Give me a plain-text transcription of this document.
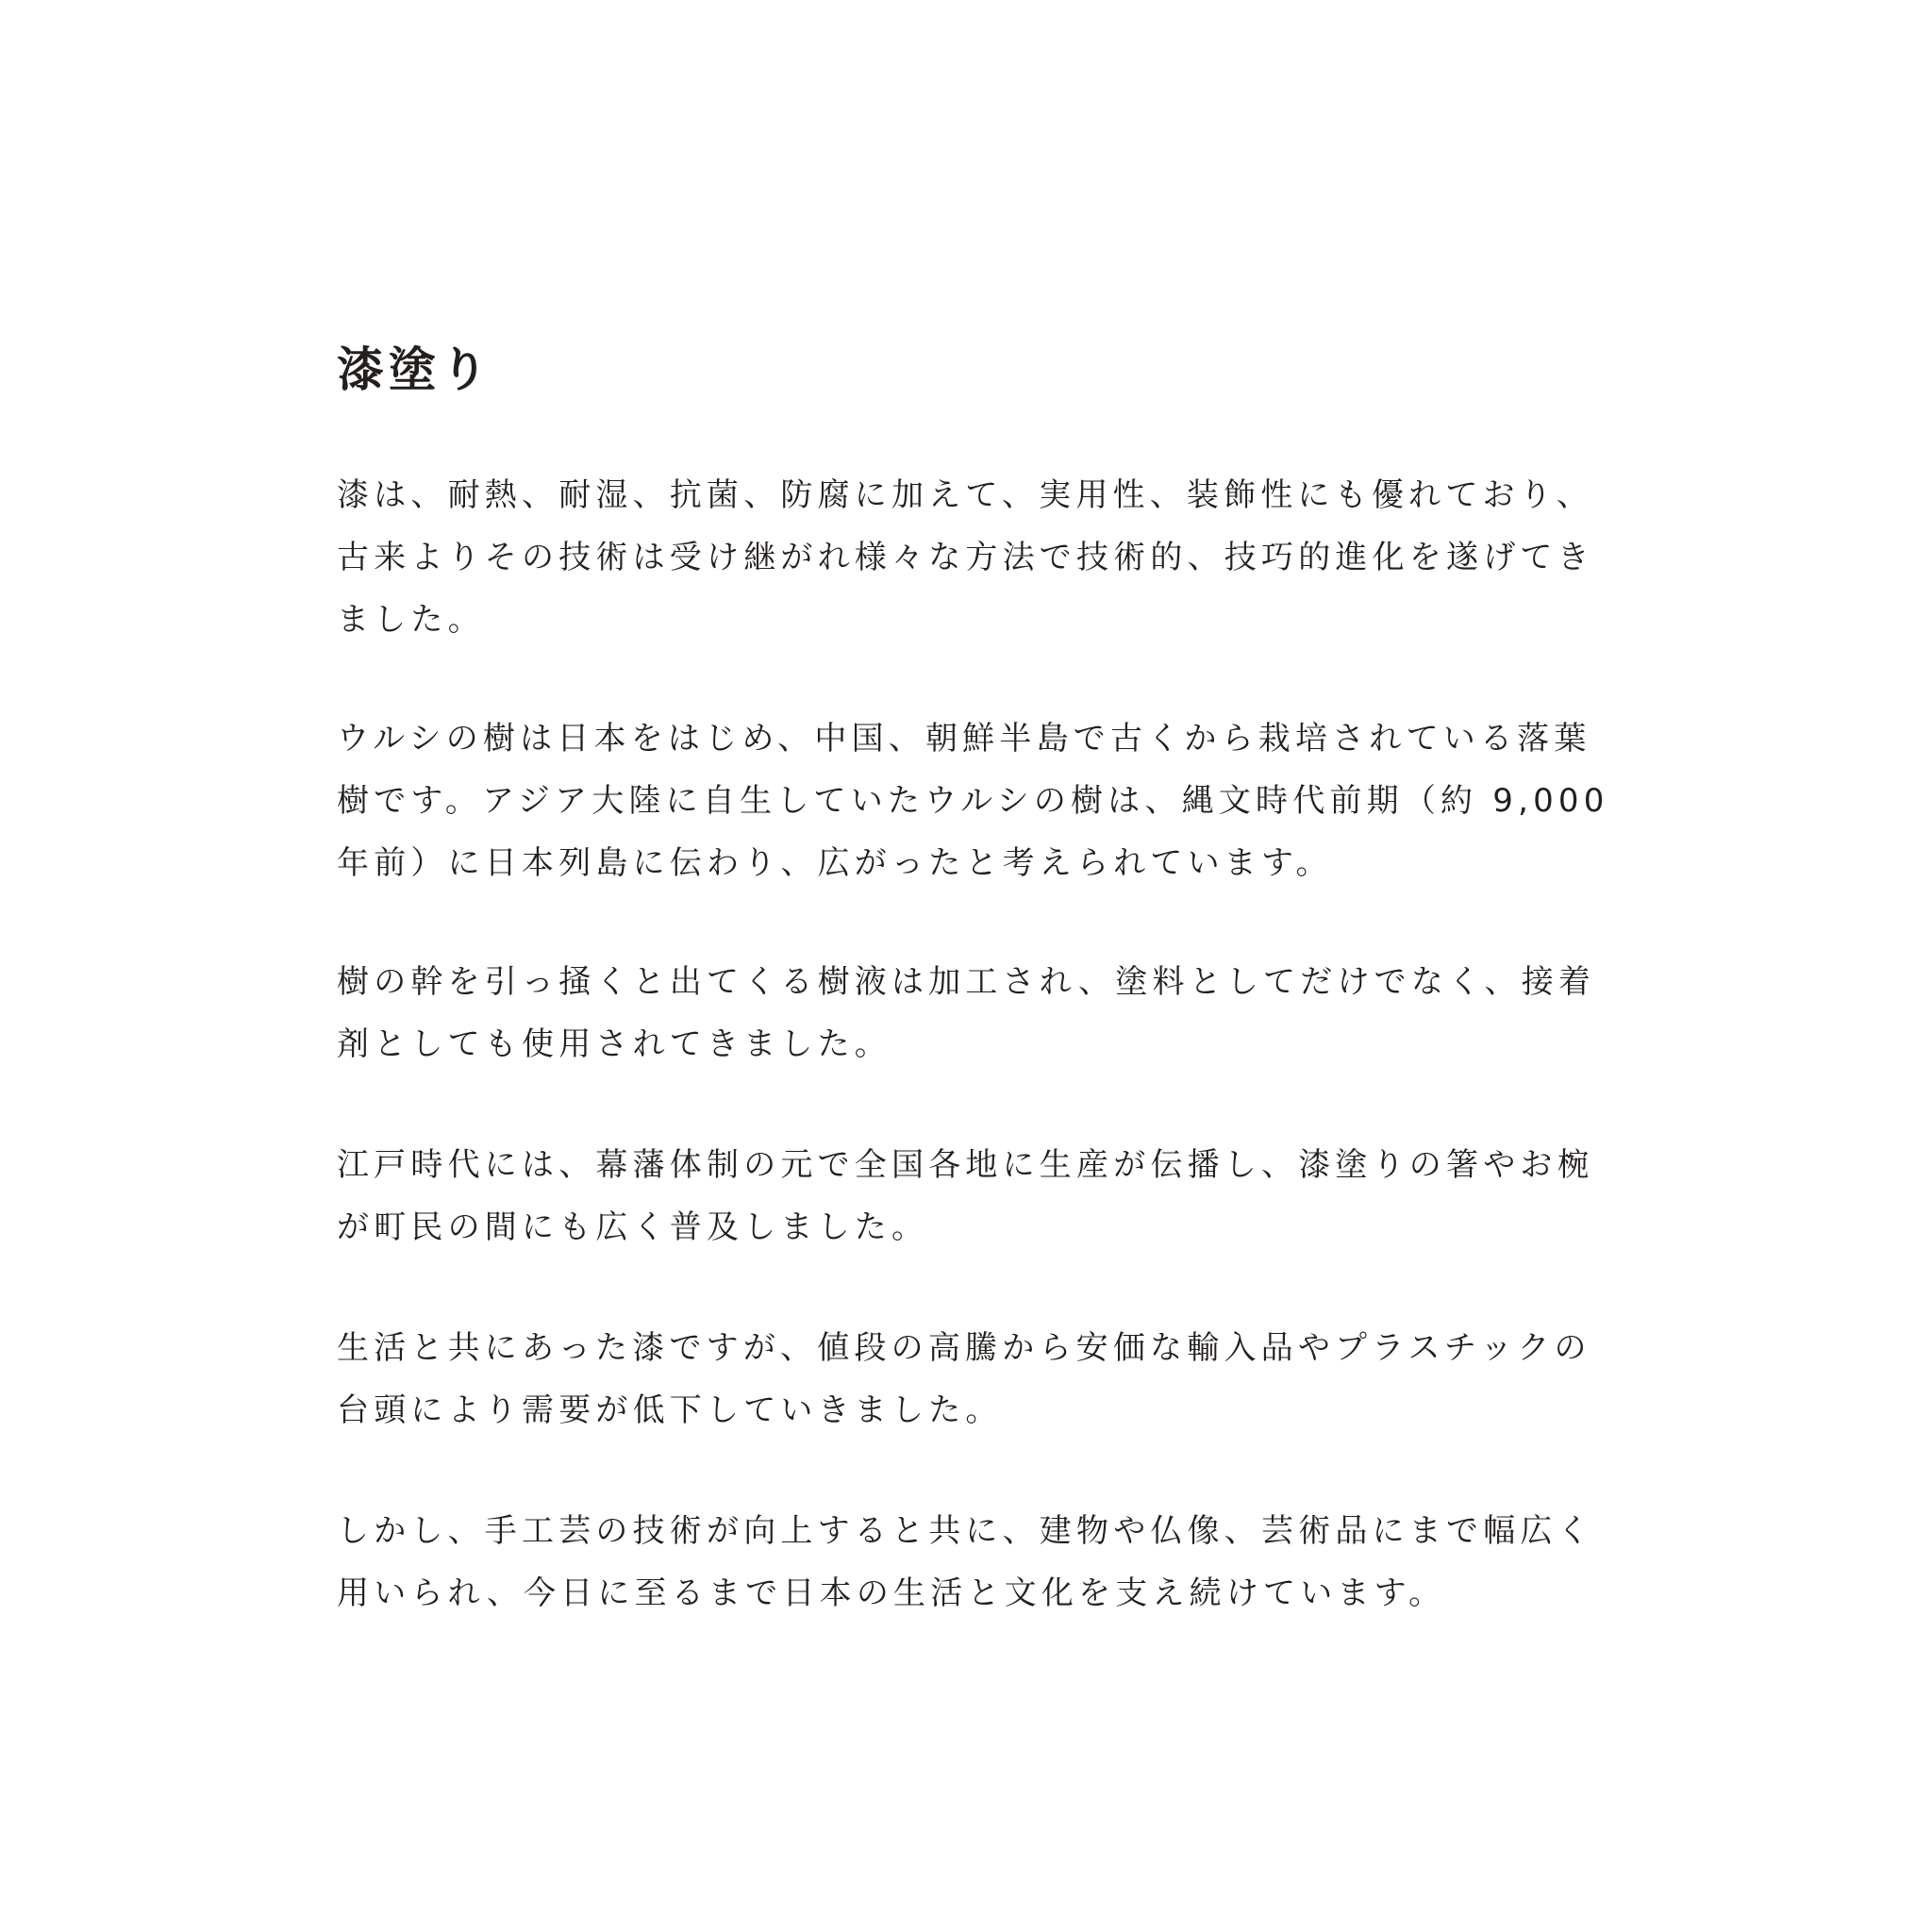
漆塗り

漆は、耐熱、耐湿、抗菌、防腐に加えて、実用性、装飾性にも優れており、
古来よりその技術は受け継がれ様々な方法で技術的、技巧的進化を遂げてき
ました。

ウルシの樹は日本をはじめ、中国、朝鮮半島で古くから栽培されている落葉
樹です。アジア大陸に自生していたウルシの樹は、縄文時代前期（約 9,000
年前）に日本列島に伝わり、広がったと考えられています。

樹の幹を引っ掻くと出てくる樹液は加工され、塗料としてだけでなく、接着
剤としても使用されてきました。

江戸時代には、幕藩体制の元で全国各地に生産が伝播し、漆塗りの箸やお椀
が町民の間にも広く普及しました。

生活と共にあった漆ですが、値段の高騰から安価な輸入品やプラスチックの
台頭により需要が低下していきました。

しかし、手工芸の技術が向上すると共に、建物や仏像、芸術品にまで幅広く
用いられ、今日に至るまで日本の生活と文化を支え続けています。
